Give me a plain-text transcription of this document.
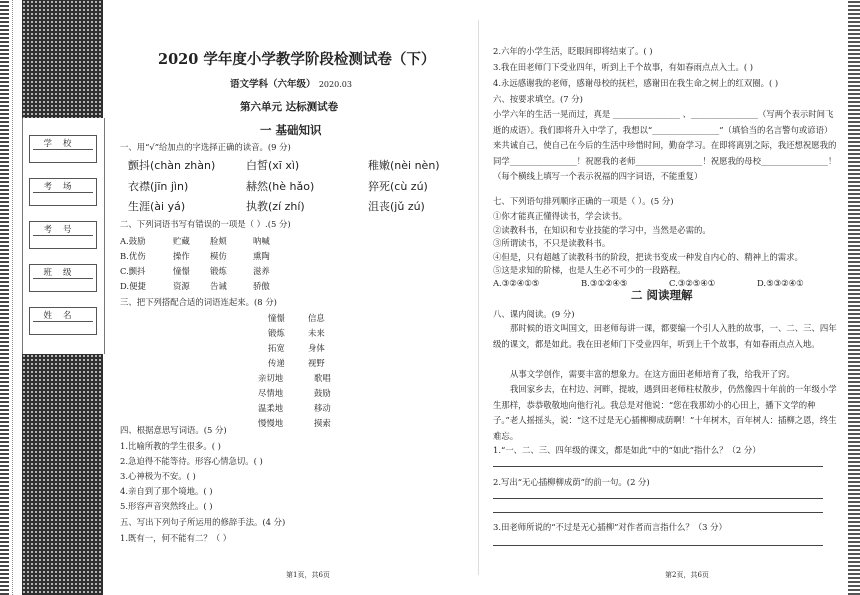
学校
考场
考号
班级
姓名
2020 学年度小学教学阶段检测试卷（下）
语文学科（六年级） 2020.03
第六单元 达标测试卷
一 基础知识
一、用“√”给加点的字选择正确的读音。(9 分)
颤抖(chàn zhàn)	白皙(xī xì)	稚嫩(nèi nèn)
衣襟(jīn jìn)	赫然(hè hǎo)	猝死(cù zú)
生涯(ài yá)	执教(zí zhí)	沮丧(jǔ zú)
二、下列词语书写有错误的一项是（ ）.(5 分)
A.鼓励	贮藏 脸颊	呐喊
B.优伤	操作 模仿	熏陶
C.颤抖	憧憬 锻炼	滋养
D.便捷	资源 告诫	骄傲
三、把下列搭配合适的词语连起来。(8 分)
憧憬	信息
锻炼	未来
拓宽	身体
传递	视野
亲切地	歌唱
尽情地	鼓励
温柔地	移动
慢慢地	摸索
四、根据意思写词语。(5 分)
1.比喻所教的学生很多。( )
2.急迫得不能等待。形容心情急切。( )
3.心神极为不安。( )
4.亲自到了那个境地。( )
5.形容声音突然终止。( )
五、写出下列句子所运用的修辞手法。(4 分)
1.既有一，何不能有二？（ ）
第1页，共6页
2.六年的小学生活，眨眼间即将结束了。( )
3.我在田老师门下受业四年，听到上千个故事，有如春雨点点入土。( )
4.永远感谢我的老师，感谢母校的抚栏，感谢田在我生命之树上的红双圈。( )
六、按要求填空。(7 分)
小学六年的生活一晃而过，真是 ________________ 、________________（写两个表示时间飞逝的成语）。我们即将升入中学了，我想以“________________”（填恰当的名言警句或谚语）来共诚自己，使自己在今后的生活中珍惜时间，勤奋学习。在即将离别之际，我还想祝愿我的同学________________！祝愿我的老师________________！祝愿我的母校________________！（每个横线上填写一个表示祝福的四字词语，不能重复）
七、下列语句排列顺序正确的一项是（ ）。(5 分)
①你才能真正懂得读书，学会读书。
②读教科书，在知识和专业技能的学习中，当然是必需的。
③所谓读书，不只是读教科书。
④但是，只有超越了读教科书的阶段，把读书变成一种发自内心的、精神上的需求。
⑤这是求知的阶梯，也是人生必不可少的一段路程。
A.③②④①⑤	B.③①②④⑤	C.③②⑤④①	D.⑤③②④①
二 阅读理解
八、课内阅读。(9 分)
那时候的语文叫国文，田老师每讲一课，都要编一个引人入胜的故事，一、二、三、四年级的课文，都是如此。我在田老师门下受业四年，听到上千个故事，有如春雨点点入地。
从事文学创作，需要丰富的想象力。在这方面田老师培育了我，给我开了窍。
我回家乡去，在村边、河畔，提坡，遇到田老师柱杖散步，仍然像四十年前的一年级小学生那样，恭恭敬敬地向他行礼。我总是对他说：“您在我那幼小的心田上，播下文学的种子。”老人摇摇头，说：“这不过是无心插柳柳成荫啊！”十年树木，百年树人：插柳之恩，终生难忘。
1.“一、二、三、四年级的课文，都是如此”中的“如此”指什么？（2 分）
2.写出“无心插柳柳成荫”的前一句。(2 分)
3.田老师所说的“不过是无心插柳”对作者而言指什么？（3 分）
第2页，共6页
